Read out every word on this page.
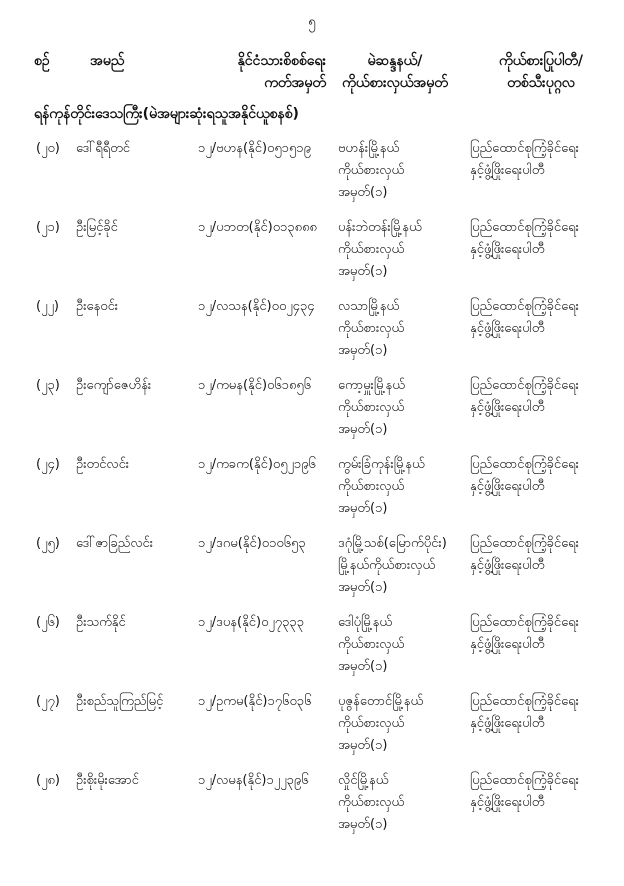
၅
စဉ်	အမည်	နိုင်ငံသားစိစစ်ရေး
ကတ်အမှတ်
မဲဆန္ဒနယ်/
ကိုယ်စားလှယ်အမှတ်
ကိုယ်စားပြုပါတီ/
တစ်သီးပုဂ္ဂလ
ရန်ကုန်တိုင်းဒေသကြီး(မဲအများဆုံးရသူအနိုင်ယူစနစ်)
(၂၀) ဒေါ်ရီရီတင်	၁၂/ဗဟန(နိုင်)၀၅၁၅၁၉ ဗဟန်းမြို့နယ်
ကိုယ်စားလှယ်
အမှတ်(၁)
ပြည်ထောင်စုကြံ့ခိုင်ရေး
နှင့်ဖွံ့ဖြိုးရေးပါတီ
(၂၁) ဦးမြင့်ခိုင်	၁၂/ပဘတ(နိုင်)၀၁၃၈၈၈ ပန်းဘဲတန်းမြို့နယ်
ကိုယ်စားလှယ်
အမှတ်(၁)
ပြည်ထောင်စုကြံ့ခိုင်ရေး
နှင့်ဖွံ့ဖြိုးရေးပါတီ
(၂၂) ဦးနေဝင်း	၁၂/လသန(နိုင်)၀၀၂၄၃၄ လသာမြို့နယ်
ကိုယ်စားလှယ်
အမှတ်(၁)
ပြည်ထောင်စုကြံ့ခိုင်ရေး
နှင့်ဖွံ့ဖြိုးရေးပါတီ
(၂၃) ဦးကျော်ဇေဟိန်း	၁၂/ကမန(နိုင်)၀၆၁၈၅၆ ကော့မှူးမြို့နယ်
ကိုယ်စားလှယ်
အမှတ်(၁)
ပြည်ထောင်စုကြံ့ခိုင်ရေး
နှင့်ဖွံ့ဖြိုးရေးပါတီ
(၂၄) ဦးတင်လင်း	၁၂/ကခက(နိုင်)၀၅၂၁၉၆ ကွမ်းခြံကုန်းမြို့နယ်
ကိုယ်စားလှယ်
အမှတ်(၁)
ပြည်ထောင်စုကြံ့ခိုင်ရေး
နှင့်ဖွံ့ဖြိုးရေးပါတီ
(၂၅) ဒေါ်ဇာခြည်လင်း	၁၂/ဒဂမ(နိုင်)၀၁၀၆၅၃ ဒဂုံမြို့သစ်(မြောက်ပိုင်း)
မြို့နယ်ကိုယ်စားလှယ်
အမှတ်(၁)
ပြည်ထောင်စုကြံ့ခိုင်ရေး
နှင့်ဖွံ့ဖြိုးရေးပါတီ
(၂၆) ဦးသက်နိုင်	၁၂/ဒပန(နိုင်)၀၂၇၃၃၃	ဒေါပုံမြို့နယ်
ကိုယ်စားလှယ်
အမှတ်(၁)
ပြည်ထောင်စုကြံ့ခိုင်ရေး
နှင့်ဖွံ့ဖြိုးရေးပါတီ
(၂၇) ဦးစည်သူကြည်မြင့်	၁၂/ဥကမ(နိုင်)၁၇၆၀၃၆ ပုဇွန်တောင်မြို့နယ်
ကိုယ်စားလှယ်
အမှတ်(၁)
ပြည်ထောင်စုကြံ့ခိုင်ရေး
နှင့်ဖွံ့ဖြိုးရေးပါတီ
(၂၈) ဦးစိုးမိုးအောင်	၁၂/လမန(နိုင်)၁၂၂၃၉၆ လှိုင်မြို့နယ်
ကိုယ်စားလှယ်
အမှတ်(၁)
ပြည်ထောင်စုကြံ့ခိုင်ရေး
နှင့်ဖွံ့ဖြိုးရေးပါတီ
